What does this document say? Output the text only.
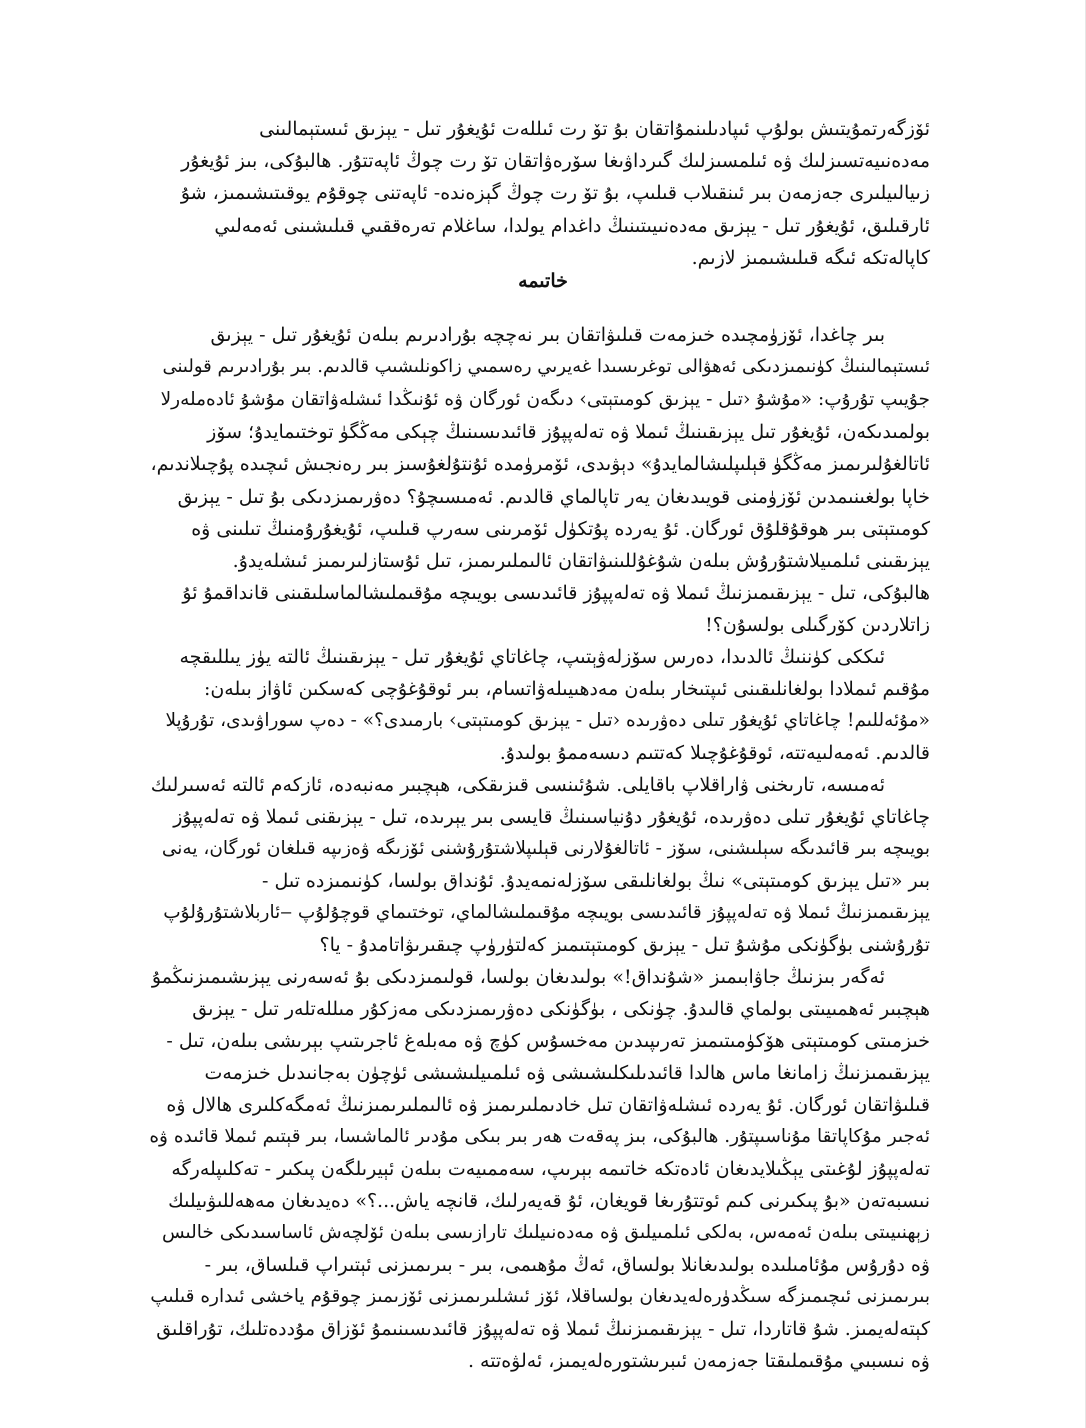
ئۆزگەرتمۇيتىش بولۇپ ئىپادىلىنمۇاتقان بۇ تۆ رت ئىللەت ئۇيغۇر تىل - يېزىق ئىستېمالىنى
مەدەنىيەتسىزلىك ۋە ئىلمسىزلىك گىرداۋىغا سۆرەۋاتقان تۆ رت چوڭ ئاپەتتۇر. ھالبۇكى، بىز ئۇيغۇر
زىيالىيلىرى جەزمەن بىر ئىنقىلاب قىلىپ، بۇ تۆ رت چوڭ گېزەندە- ئاپەتنى چوقۇم يوقىتىشىمىز، شۇ
ئارقىلىق، ئۇيغۇر تىل - يېزىق مەدەنىيىتىنىڭ داغدام يولدا، ساغلام تەرەققىي قىلىشىنى ئەمەلىي
كاپالەتكە ئىگە قىلىشىمىز لازىم.
خاتىمە
بىر چاغدا، ئۆزۈمچىدە خىزمەت قىلىۋاتقان بىر نەچچە بۇرادىرىم بىلەن ئۇيغۇر تىل - يېزىق
ئىستېمالىنىڭ كۈنىمىزدىكى ئەھۋالى توغرىسىدا غەيرىي رەسمىي زاكونلىشىپ قالدىم. بىر بۇرادىرىم قولىنى
جۇيىپ تۇرۇپ: «مۇشۇ ‹تىل - يېزىق كومىتېتى› دىگەن ئورگان ۋە ئۇنىڭدا ئىشلەۋاتقان مۇشۇ ئادەملەرلا
بولمىدىكەن، ئۇيغۇر تىل يېزىقىنىڭ ئىملا ۋە تەلەپپۇز قائىدىسىنىڭ چېكى مەڭگۈ توختىمايدۇ؛ سۆز
ئاتالغۇلىرىمىز مەڭگۈ قېلىپلىشالمايدۇ» دېۋىدى، ئۆمرۈمدە ئۇنتۇلغۇسىز بىر رەنجىش ئىچىدە پۇچىلاندىم،
خاپا بولغىنىمدىن ئۆزۈمنى قويىدىغان يەر تاپالماي قالدىم. ئەمىسىچۇ؟ دەۋرىمىزدىكى بۇ تىل - يېزىق
كومىتېتى بىر ھوقۇقلۇق ئورگان. ئۇ يەردە پۇتكۈل ئۆمرىنى سەرپ قىلىپ، ئۇيغۇرۇمنىڭ تىلىنى ۋە
يېزىقىنى ئىلمىيلاشتۇرۇش بىلەن شۇغۇللىنىۋاتقان ئالىملىرىمىز، تىل ئۇستازلىرىمىز ئىشلەيدۇ.
ھالبۇكى، تىل - يېزىقىمىزنىڭ ئىملا ۋە تەلەپپۇز قائىدىسى بويىچە مۇقىملىشالماسلىقىنى قانداقمۇ ئۇ
زاتلاردىن كۆرگىلى بولسۇن؟!
ئىككى كۈننىڭ ئالدىدا، دەرس سۆزلەۋېتىپ، چاغاتاي ئۇيغۇر تىل - يېزىقىنىڭ ئالتە يۈز يىللىقچە
مۇقىم ئىملادا بولغانلىقىنى ئىپتىخار بىلەن مەدھىيىلەۋاتسام، بىر ئوقۇغۇچى كەسكىن ئاۋاز بىلەن:
«مۇئەللىم! چاغاتاي ئۇيغۇر تىلى دەۋرىدە ‹تىل - يېزىق كومىتېتى› بارمىدى؟» - دەپ سوراۋىدى، تۇرۇپلا
قالدىم. ئەمەلىيەتتە، ئوقۇغۇچىلا كەتتىم دىسەممۇ بولىدۇ.
ئەمىسە، تارىخنى ۋاراقلاپ باقايلى. شۇئىنسى قىزىقكى، ھېچبىر مەنبەدە، ئازكەم ئالتە ئەسىرلىك
چاغاتاي ئۇيغۇر تىلى دەۋرىدە، ئۇيغۇر دۇنياسىنىڭ قايسى بىر يېرىدە، تىل - يېزىقنى ئىملا ۋە تەلەپپۇز
بويىچە بىر قائىدىگە سېلىشنى، سۆز - ئاتالغۇلارنى قېلىپلاشتۇرۇشنى ئۆزىگە ۋەزىپە قىلغان ئورگان، يەنى
بىر «تىل يېزىق كومىتېتى» نىڭ بولغانلىقى سۆزلەنمەيدۇ. ئۇنداق بولسا، كۈنىمىزدە تىل -
يېزىقىمىزنىڭ ئىملا ۋە تەلەپپۇز قائىدىسى بويىچە مۇقىملىشالماي، توختىماي قوچۇلۇپ ‒ئاربلاشتۇرۇلۇپ
تۇرۇشنى بۈگۈنكى مۇشۇ تىل - يېزىق كومىتېتىمىز كەلتۈرۈپ چىقىرىۋاتامدۇ - يا؟
ئەگەر بىزنىڭ جاۋابىمىز «شۇنداق!» بولىدىغان بولسا، قولىمىزدىكى بۇ ئەسەرنى يېزىشىمىزنىڭمۇ
ھېچبىر ئەھمىيىتى بولماي قالىدۇ. چۈنكى ، بۈگۈنكى دەۋرىمىزدىكى مەزكۇر مىللەتلەر تىل - يېزىق
خىزمىتى كومىتېتى ھۆكۈمىتىمىز تەرىپىدىن مەخسۇس كۈچ ۋە مەبلەغ ئاجرىتىپ بېرىشى بىلەن، تىل -
يېزىقىمىزنىڭ زامانغا ماس ھالدا قائىدىلىكلىشىشى ۋە ئىلمىيلىشىشى ئۈچۈن بەجانىدىل خىزمەت
قىلىۋاتقان ئورگان. ئۇ يەردە ئىشلەۋاتقان تىل خادىملىرىمىز ۋە ئالىملىرىمىزنىڭ ئەمگەكلىرى ھالال ۋە
ئەجىر مۇكاپاتقا مۇناسىپتۇر. ھالبۇكى، بىز پەقەت ھەر بىر بىكى مۇدىر ئالماشسا، بىر قېتىم ئىملا قائىدە ۋە
تەلەپپۇز لۇغىتى يېڭىلايدىغان ئادەتكە خاتىمە بېرىپ، سەممىيەت بىلەن ئېيرىلگەن پىكىر - تەكلىپلەرگە
نىسبەتەن «بۇ پىكىرنى كىم ئوتتۇرىغا قويغان، ئۇ قەيەرلىك، قانچە ياش...؟» دەيدىغان مەھەللىۋىيلىك
زېھنىيىتى بىلەن ئەمەس، بەلكى ئىلمىيلىق ۋە مەدەنىيلىك تارازىسى بىلەن ئۆلچەش ئاساسىدىكى خالىس
ۋە دۇرۇس مۇئامىلىدە بولىدىغانلا بولساق، ئەڭ مۇھىمى، بىر - بىرىمىزنى ئېتىراپ قىلساق، بىر -
بىرىمىزنى ئىچىمىزگە سىڭدۈرەلەيدىغان بولساقلا، ئۆز ئىشلىرىمىزنى ئۆزىمىز چوقۇم ياخشى ئىدارە قىلىپ
كېتەلەيمىز. شۇ قاتاردا، تىل - يېزىقىمىزنىڭ ئىملا ۋە تەلەپپۇز قائىدىسىنىمۇ ئۆزاق مۇددەتلىك، تۇراقلىق
ۋە نىسبىي مۇقىملىقتا جەزمەن ئىبرىشتورەلەيمىز، ئەلۋەتتە .
